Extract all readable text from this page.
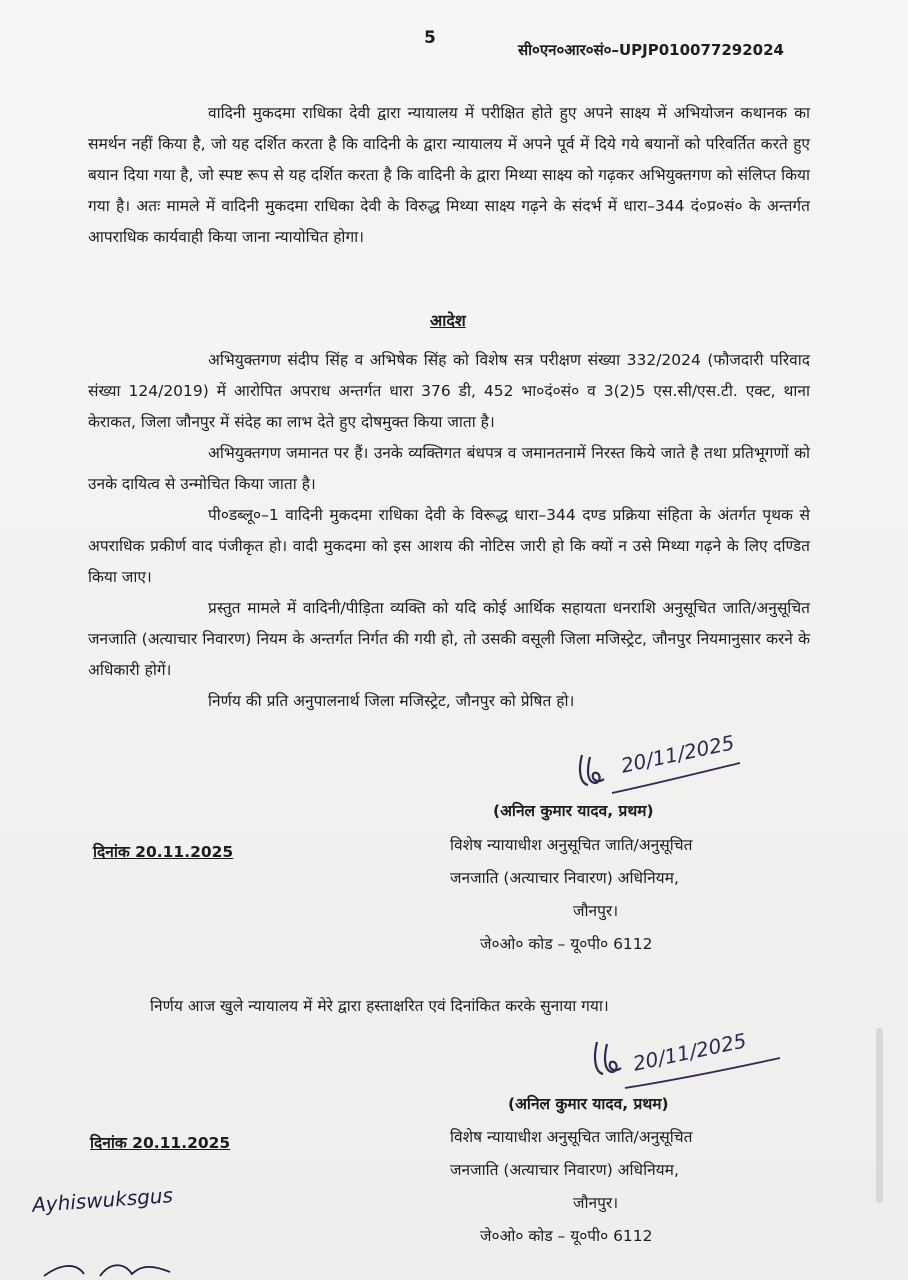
5
सी०एन०आर०सं०–UPJP010077292024

वादिनी मुकदमा राधिका देवी द्वारा न्यायालय में परीक्षित होते हुए अपने साक्ष्य में अभियोजन कथानक का समर्थन नहीं किया है, जो यह दर्शित करता है कि वादिनी के द्वारा न्यायालय में अपने पूर्व में दिये गये बयानों को परिवर्तित करते हुए बयान दिया गया है, जो स्पष्ट रूप से यह दर्शित करता है कि वादिनी के द्वारा मिथ्या साक्ष्य को गढ़कर अभियुक्तगण को संलिप्त किया गया है। अतः मामले में वादिनी मुकदमा राधिका देवी के विरुद्ध मिथ्या साक्ष्य गढ़ने के संदर्भ में धारा–344 दं०प्र०सं० के अन्तर्गत आपराधिक कार्यवाही किया जाना न्यायोचित होगा।

आदेश

अभियुक्तगण संदीप सिंह व अभिषेक सिंह को विशेष सत्र परीक्षण संख्या 332/2024 (फौजदारी परिवाद संख्या 124/2019) में आरोपित अपराध अन्तर्गत धारा 376 डी, 452 भा०दं०सं० व 3(2)5 एस.सी/एस.टी. एक्ट, थाना केराकत, जिला जौनपुर में संदेह का लाभ देते हुए दोषमुक्त किया जाता है।

अभियुक्तगण जमानत पर हैं। उनके व्यक्तिगत बंधपत्र व जमानतनामें निरस्त किये जाते है तथा प्रतिभूगणों को उनके दायित्व से उन्मोचित किया जाता है।

पी०डब्लू०–1 वादिनी मुकदमा राधिका देवी के विरूद्ध धारा–344 दण्ड प्रक्रिया संहिता के अंतर्गत पृथक से अपराधिक प्रकीर्ण वाद पंजीकृत हो। वादी मुकदमा को इस आशय की नोटिस जारी हो कि क्यों न उसे मिथ्या गढ़ने के लिए दण्डित किया जाए।

प्रस्तुत मामले में वादिनी/पीड़िता व्यक्ति को यदि कोई आर्थिक सहायता धनराशि अनुसूचित जाति/अनुसूचित जनजाति (अत्याचार निवारण) नियम के अन्तर्गत निर्गत की गयी हो, तो उसकी वसूली जिला मजिस्ट्रेट, जौनपुर नियमानुसार करने के अधिकारी होगें।

निर्णय की प्रति अनुपालनार्थ जिला मजिस्ट्रेट, जौनपुर को प्रेषित हो।

20/11/2025
(अनिल कुमार यादव, प्रथम)
दिनांक 20.11.2025	विशेष न्यायाधीश अनुसूचित जाति/अनुसूचित
जनजाति (अत्याचार निवारण) अधिनियम,
जौनपुर।
जे०ओ० कोड – यू०पी० 6112
निर्णय आज खुले न्यायालय में मेरे द्वारा हस्ताक्षरित एवं दिनांकित करके सुनाया गया।
20/11/2025
(अनिल कुमार यादव, प्रथम)
दिनांक 20.11.2025	विशेष न्यायाधीश अनुसूचित जाति/अनुसूचित
जनजाति (अत्याचार निवारण) अधिनियम,
जौनपुर।
जे०ओ० कोड – यू०पी० 6112
Ayhiswuksgus
